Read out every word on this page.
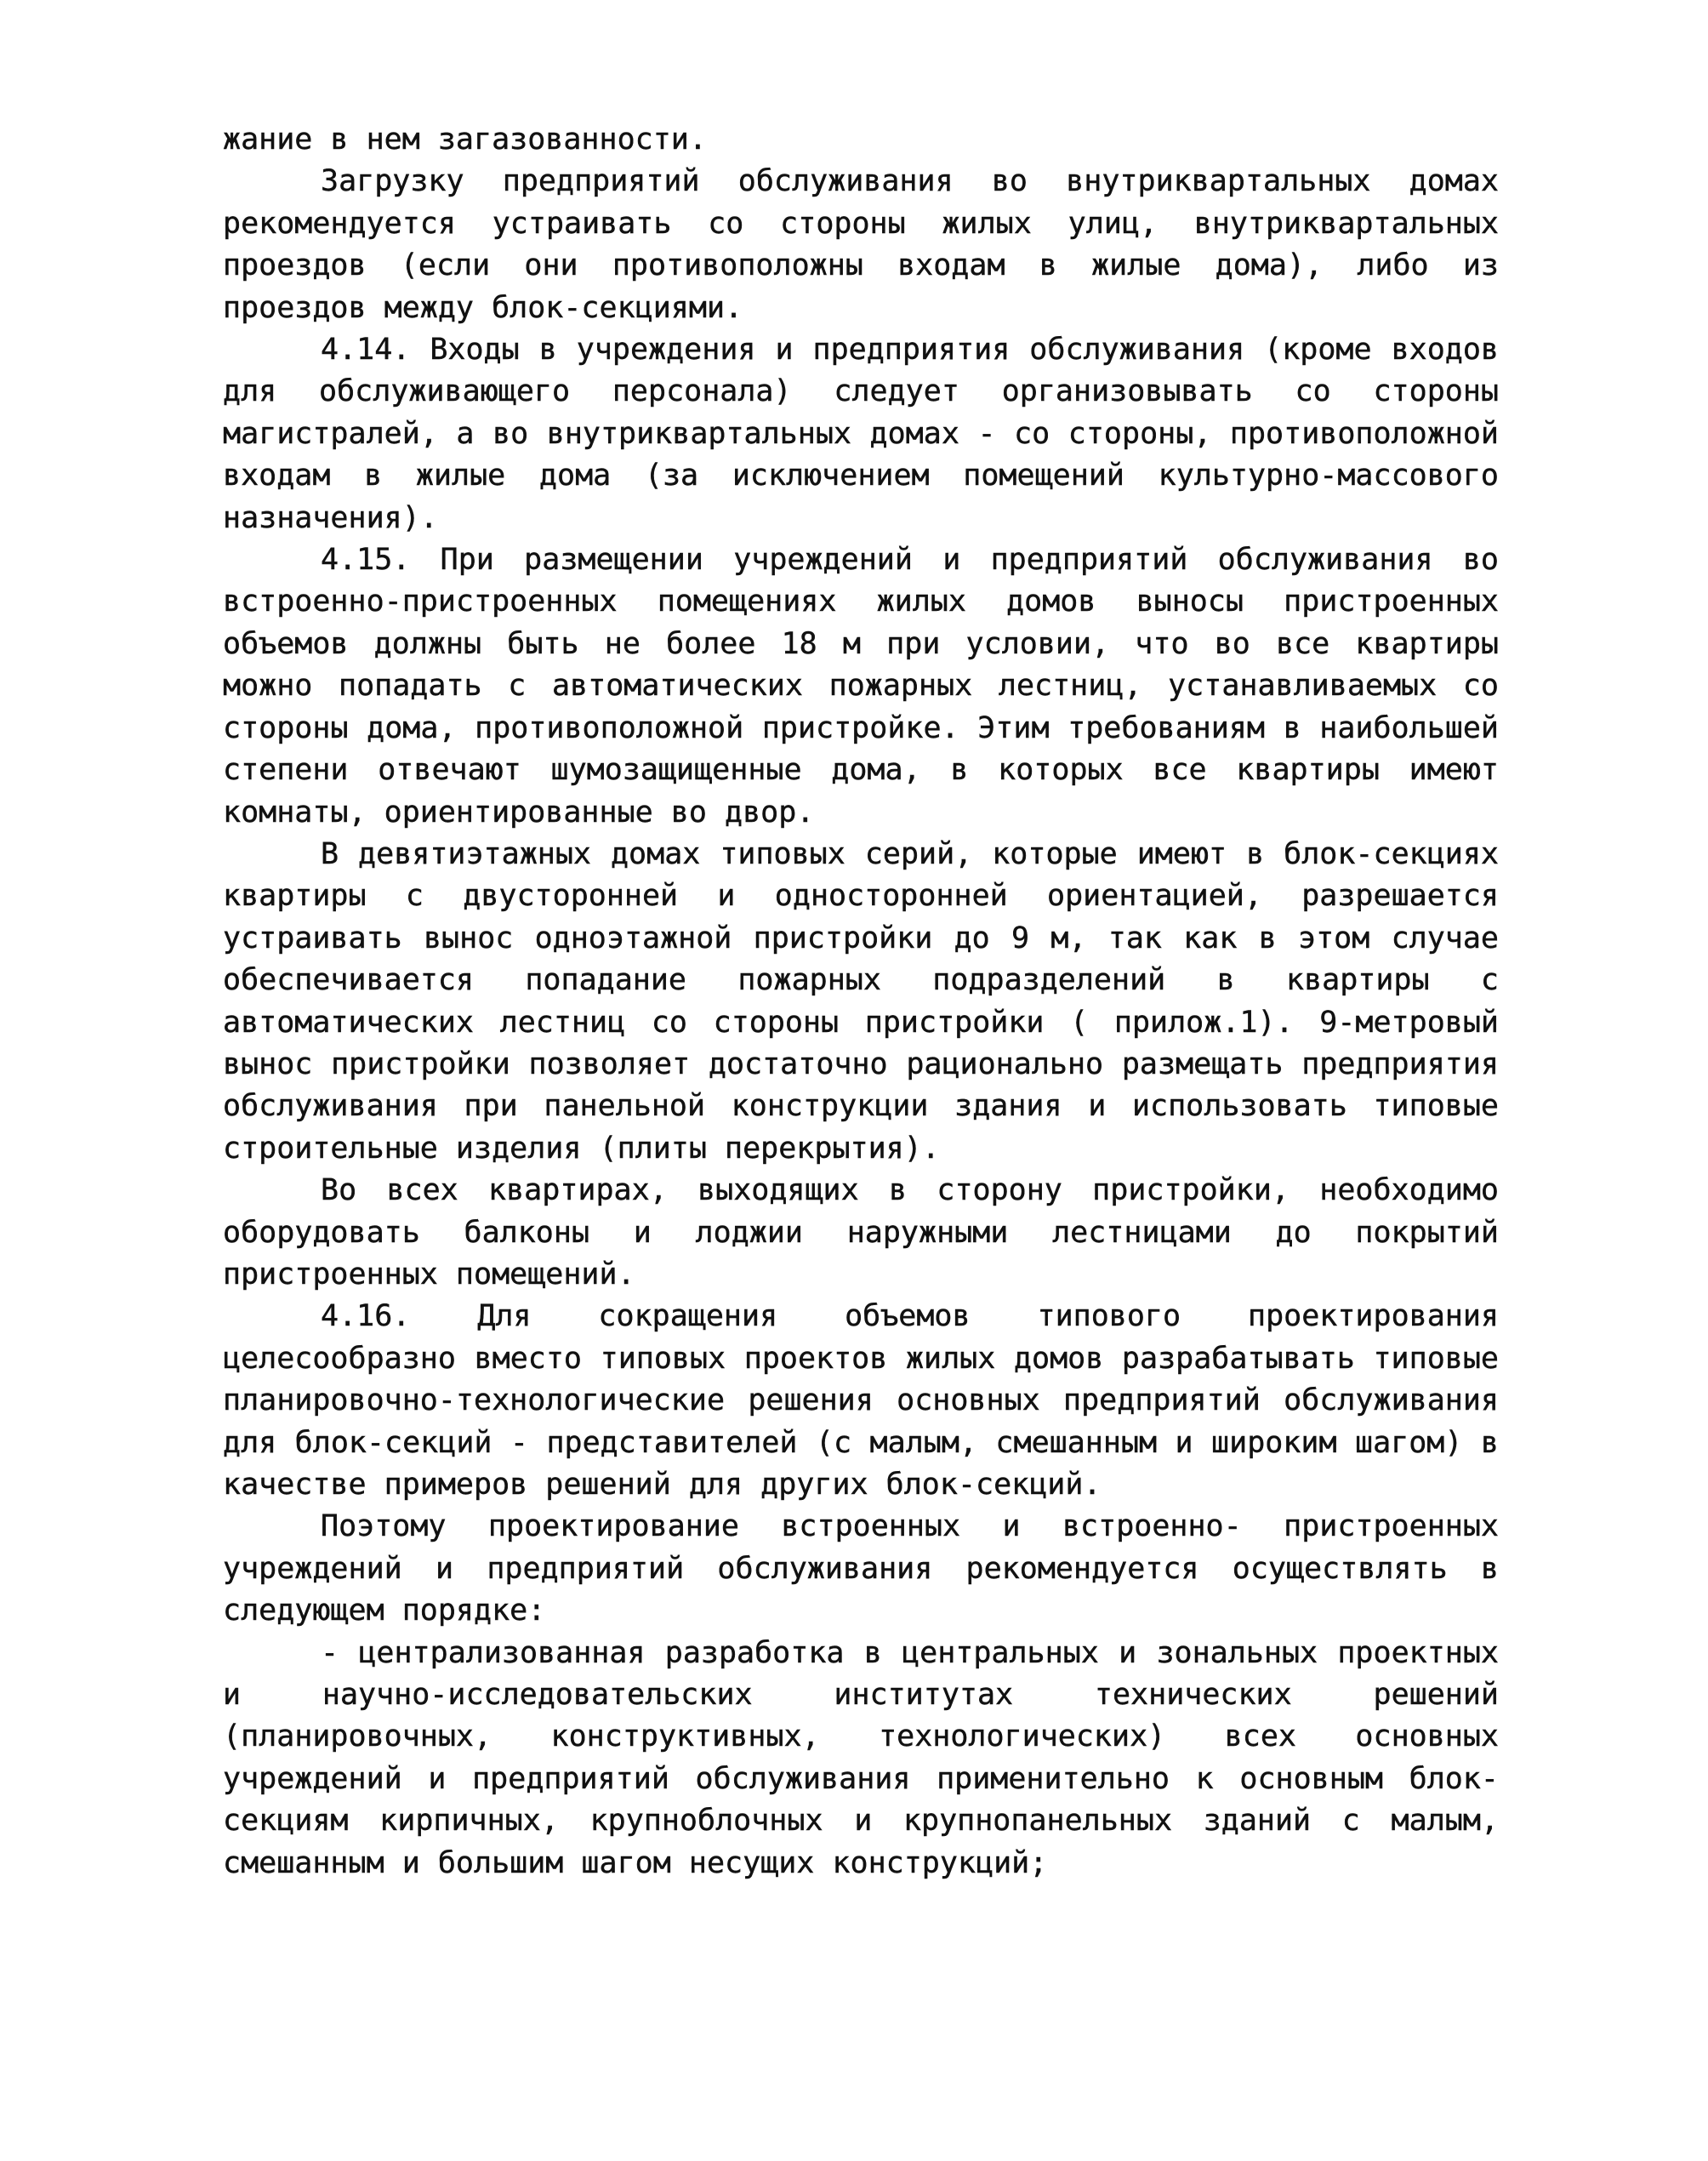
жание в нем загазованности.

Загрузку предприятий обслуживания во внутриквартальных домах рекомендуется устраивать со стороны жилых улиц, внутриквартальных проездов (если они противоположны входам в жилые дома), либо из проездов между блок-секциями.

4.14. Входы в учреждения и предприятия обслуживания (кроме входов для обслуживающего персонала) следует организовывать со стороны магистралей, а во внутриквартальных домах - со стороны, противоположной входам в жилые дома (за исключением помещений культурно-массового назначения).

4.15. При размещении учреждений и предприятий обслуживания во встроенно-пристроенных помещениях жилых домов выносы пристроенных объемов должны быть не более 18 м при условии, что во все квартиры можно попадать с автоматических пожарных лестниц, устанавливаемых со стороны дома, противоположной пристройке. Этим требованиям в наибольшей степени отвечают шумозащищенные дома, в которых все квартиры имеют комнаты, ориентированные во двор.

В девятиэтажных домах типовых серий, которые имеют в блок-секциях квартиры с двусторонней и односторонней ориентацией, разрешается устраивать вынос одноэтажной пристройки до 9 м, так как в этом случае обеспечивается попадание пожарных подразделений в квартиры с автоматических лестниц со стороны пристройки ( прилож.1). 9-метровый вынос пристройки позволяет достаточно рационально размещать предприятия обслуживания при панельной конструкции здания и использовать типовые строительные изделия (плиты перекрытия).

Во всех квартирах, выходящих в сторону пристройки, необходимо оборудовать балконы и лоджии наружными лестницами до покрытий пристроенных помещений.

4.16. Для сокращения объемов типового проектирования целесообразно вместо типовых проектов жилых домов разрабатывать типовые планировочно-технологические решения основных предприятий обслуживания для блок-секций - представителей (с малым, смешанным и широким шагом) в качестве примеров решений для других блок-секций.

Поэтому проектирование встроенных и встроенно- пристроенных учреждений и предприятий обслуживания рекомендуется осуществлять в следующем порядке:

- централизованная разработка в центральных и зональных проектных и научно-исследовательских институтах технических решений (планировочных, конструктивных, технологических) всех основных учреждений и предприятий обслуживания применительно к основным блок-секциям кирпичных, крупноблочных и крупнопанельных зданий с малым, смешанным и большим шагом несущих конструкций;
